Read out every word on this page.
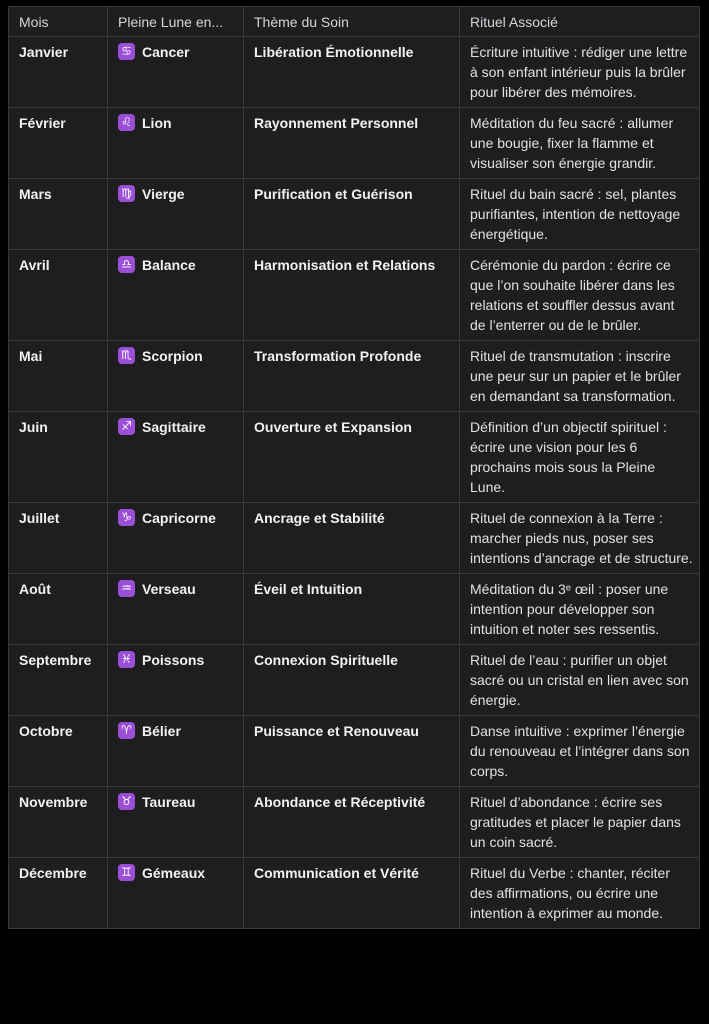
Mois	Pleine Lune en...	Thème du Soin	Rituel Associé
Janvier	♋ Cancer	Libération Émotionnelle	Écriture intuitive : rédiger une lettre à son enfant intérieur puis la brûler pour libérer des mémoires.
Février	♌ Lion	Rayonnement Personnel	Méditation du feu sacré : allumer une bougie, fixer la flamme et visualiser son énergie grandir.
Mars	♍ Vierge	Purification et Guérison	Rituel du bain sacré : sel, plantes purifiantes, intention de nettoyage énergétique.
Avril	♎ Balance	Harmonisation et Relations	Cérémonie du pardon : écrire ce que l’on souhaite libérer dans les relations et souffler dessus avant de l’enterrer ou de le brûler.
Mai	♏ Scorpion	Transformation Profonde	Rituel de transmutation : inscrire une peur sur un papier et le brûler en demandant sa transformation.
Juin	♐ Sagittaire	Ouverture et Expansion	Définition d’un objectif spirituel : écrire une vision pour les 6 prochains mois sous la Pleine Lune.
Juillet	♑ Capricorne	Ancrage et Stabilité	Rituel de connexion à la Terre : marcher pieds nus, poser ses intentions d’ancrage et de structure.
Août	♒ Verseau	Éveil et Intuition	Méditation du 3ᵉ œil : poser une intention pour développer son intuition et noter ses ressentis.
Septembre	♓ Poissons	Connexion Spirituelle	Rituel de l’eau : purifier un objet sacré ou un cristal en lien avec son énergie.
Octobre	♈ Bélier	Puissance et Renouveau	Danse intuitive : exprimer l’énergie du renouveau et l’intégrer dans son corps.
Novembre	♉ Taureau	Abondance et Réceptivité	Rituel d’abondance : écrire ses gratitudes et placer le papier dans un coin sacré.
Décembre	♊ Gémeaux	Communication et Vérité	Rituel du Verbe : chanter, réciter des affirmations, ou écrire une intention à exprimer au monde.
